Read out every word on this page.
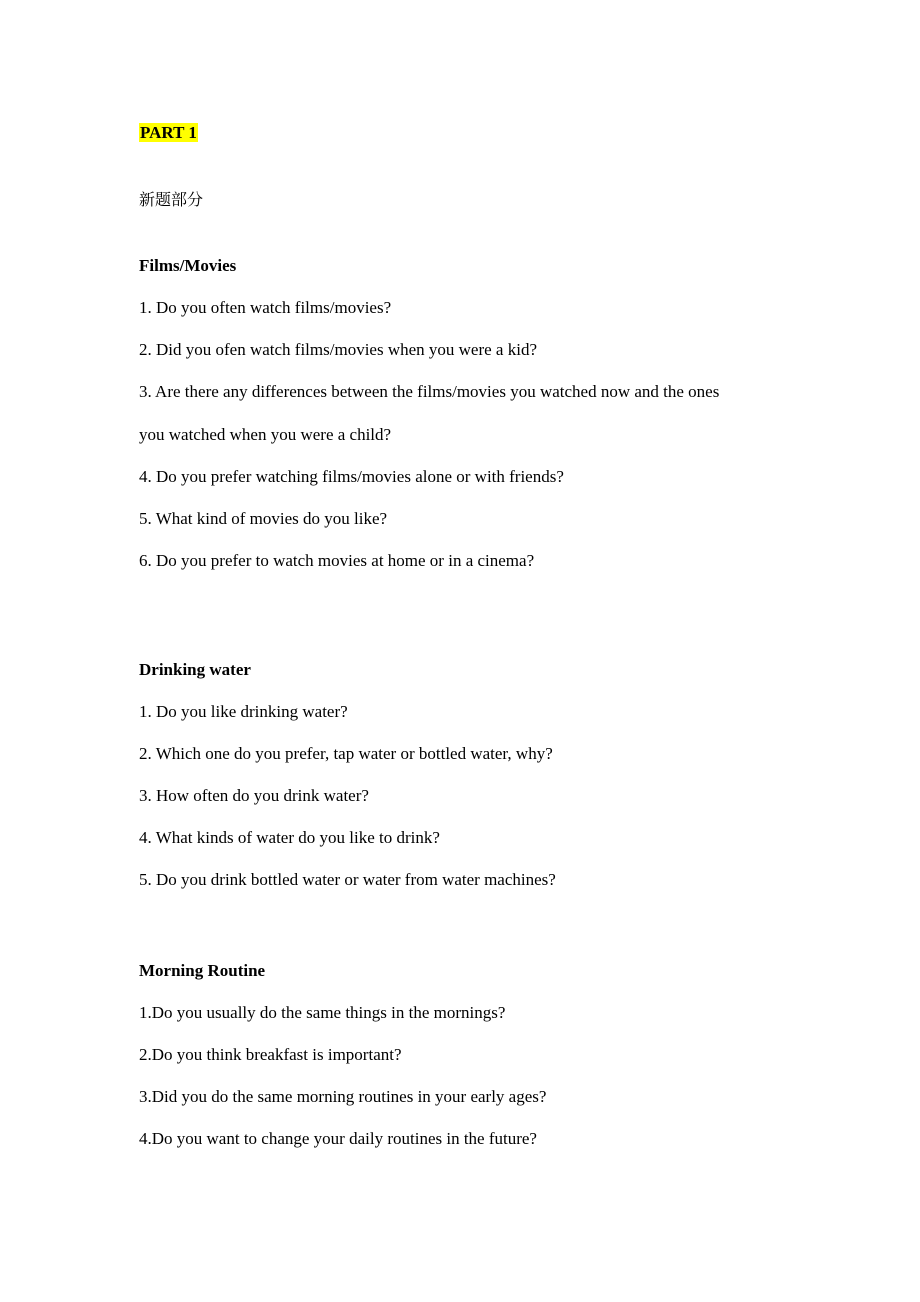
PART 1
新题部分
Films/Movies
1. Do you often watch films/movies?
2. Did you ofen watch films/movies when you were a kid?
3. Are there any differences between the films/movies you watched now and the ones
you watched when you were a child?
4. Do you prefer watching films/movies alone or with friends?
5. What kind of movies do you like?
6. Do you prefer to watch movies at home or in a cinema?
Drinking water
1. Do you like drinking water?
2. Which one do you prefer, tap water or bottled water, why?
3. How often do you drink water?
4. What kinds of water do you like to drink?
5. Do you drink bottled water or water from water machines?
Morning Routine
1.Do you usually do the same things in the mornings?
2.Do you think breakfast is important?
3.Did you do the same morning routines in your early ages?
4.Do you want to change your daily routines in the future?
